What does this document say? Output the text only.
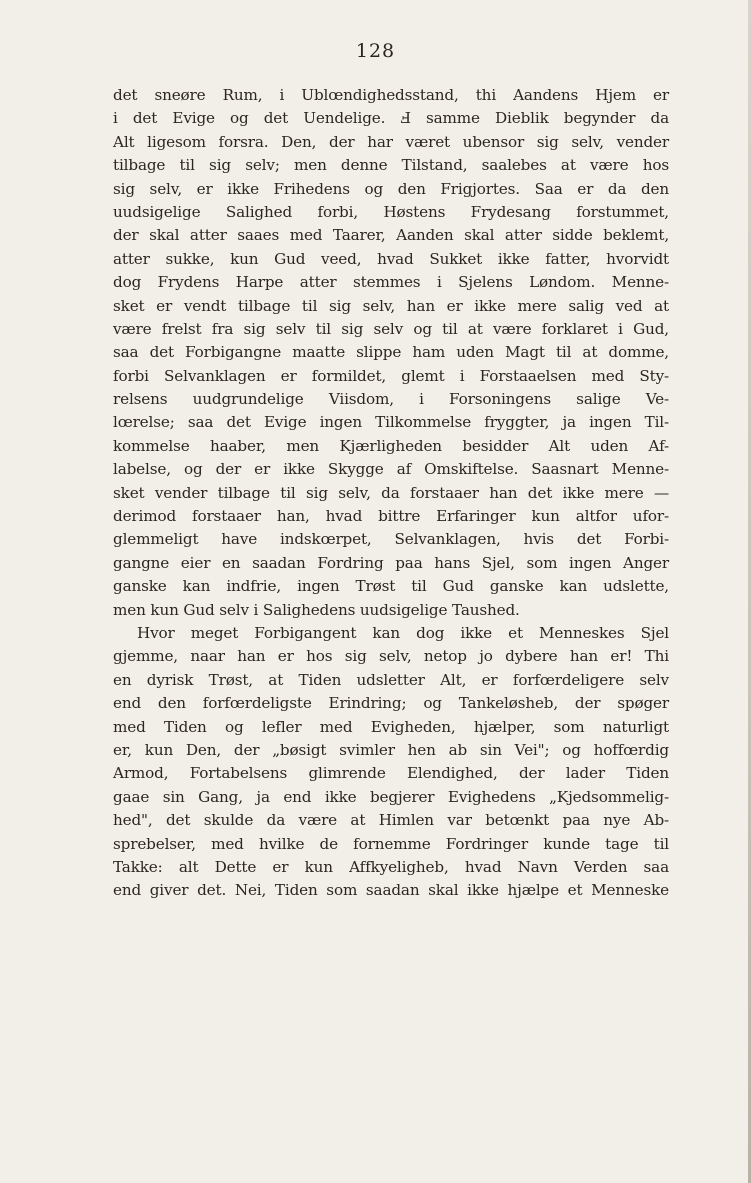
128
det sneøre Rum, i Ublœndighedsstand, thi Aandens Hjem er
i det Evige og det Uendelige. Ⅎ samme Dieblik begynder da
Alt ligesom forsra. Den, der har været ubensor sig selv, vender
tilbage til sig selv; men denne Tilstand, saalebes at være hos
sig selv, er ikke Frihedens og den Frigjortes. Saa er da den
uudsigelige Salighed forbi, Høstens Frydesang forstummet,
der skal atter saaes med Taarer, Aanden skal atter sidde beklemt,
atter sukke, kun Gud veed, hvad Sukket ikke fatter, hvorvidt
dog Frydens Harpe atter stemmes i Sjelens Løndom. Menne-
sket er vendt tilbage til sig selv, han er ikke mere salig ved at
være frelst fra sig selv til sig selv og til at være forklaret i Gud,
saa det Forbigangne maatte slippe ham uden Magt til at domme,
forbi Selvanklagen er formildet, glemt i Forstaaelsen med Sty-
relsens uudgrundelige Viisdom, i Forsoningens salige Ve-
lœrelse; saa det Evige ingen Tilkommelse fryggter, ja ingen Til-
kommelse haaber, men Kjærligheden besidder Alt uden Af-
labelse, og der er ikke Skygge af Omskiftelse. Saasnart Menne-
sket vender tilbage til sig selv, da forstaaer han det ikke mere —
derimod forstaaer han, hvad bittre Erfaringer kun altfor ufor-
glemmeligt have indskœrpet, Selvanklagen, hvis det Forbi-
gangne eier en saadan Fordring paa hans Sjel, som ingen Anger
ganske kan indfrie, ingen Trøst til Gud ganske kan udslette,
men kun Gud selv i Salighedens uudsigelige Taushed.
Hvor meget Forbigangent kan dog ikke et Menneskes Sjel
gjemme, naar han er hos sig selv, netop jo dybere han er! Thi
en dyrisk Trøst, at Tiden udsletter Alt, er forfœrdeligere selv
end den forfœrdeligste Erindring; og Tankeløsheb, der spøger
med Tiden og lefler med Evigheden, hjælper, som naturligt
er, kun Den, der „bøsigt svimler hen ab sin Vei"; og hoffœrdig
Armod, Fortabelsens glimrende Elendighed, der lader Tiden
gaae sin Gang, ja end ikke begjerer Evighedens „Kjedsommelig-
hed", det skulde da være at Himlen var betœnkt paa nye Ab-
sprebelser, med hvilke de fornemme Fordringer kunde tage til
Takke: alt Dette er kun Affkyeligheb, hvad Navn Verden saa
end giver det. Nei, Tiden som saadan skal ikke hjælpe et Menneske
